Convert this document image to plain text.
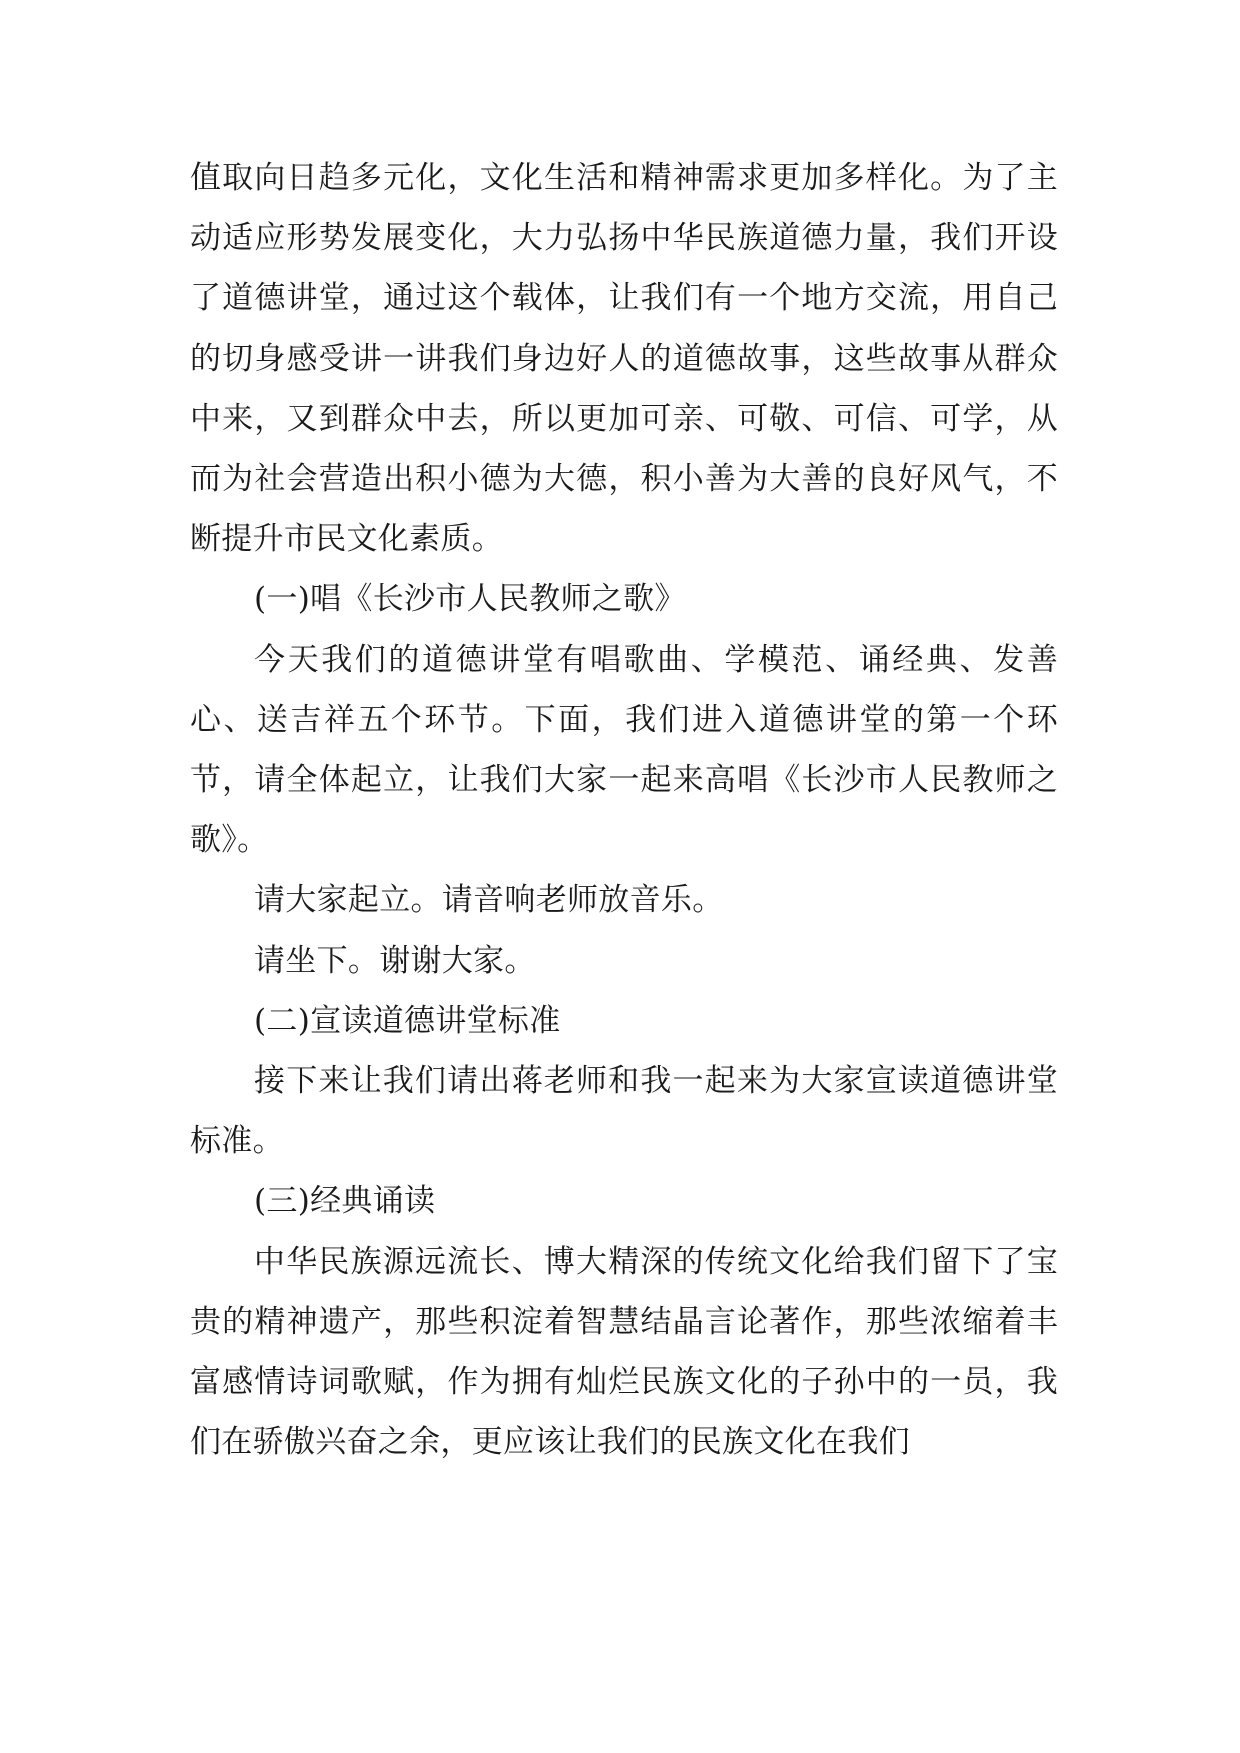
值取向日趋多元化，文化生活和精神需求更加多样化。为了主动适应形势发展变化，大力弘扬中华民族道德力量，我们开设了道德讲堂，通过这个载体，让我们有一个地方交流，用自己的切身感受讲一讲我们身边好人的道德故事，这些故事从群众中来，又到群众中去，所以更加可亲、可敬、可信、可学，从而为社会营造出积小德为大德，积小善为大善的良好风气，不断提升市民文化素质。

(一)唱《长沙市人民教师之歌》

今天我们的道德讲堂有唱歌曲、学模范、诵经典、发善心、送吉祥五个环节。下面，我们进入道德讲堂的第一个环节，请全体起立，让我们大家一起来高唱《长沙市人民教师之歌》。

请大家起立。请音响老师放音乐。

请坐下。谢谢大家。

(二)宣读道德讲堂标准

接下来让我们请出蒋老师和我一起来为大家宣读道德讲堂标准。

(三)经典诵读

中华民族源远流长、博大精深的传统文化给我们留下了宝贵的精神遗产，那些积淀着智慧结晶言论著作，那些浓缩着丰富感情诗词歌赋，作为拥有灿烂民族文化的子孙中的一员，我们在骄傲兴奋之余，更应该让我们的民族文化在我们
